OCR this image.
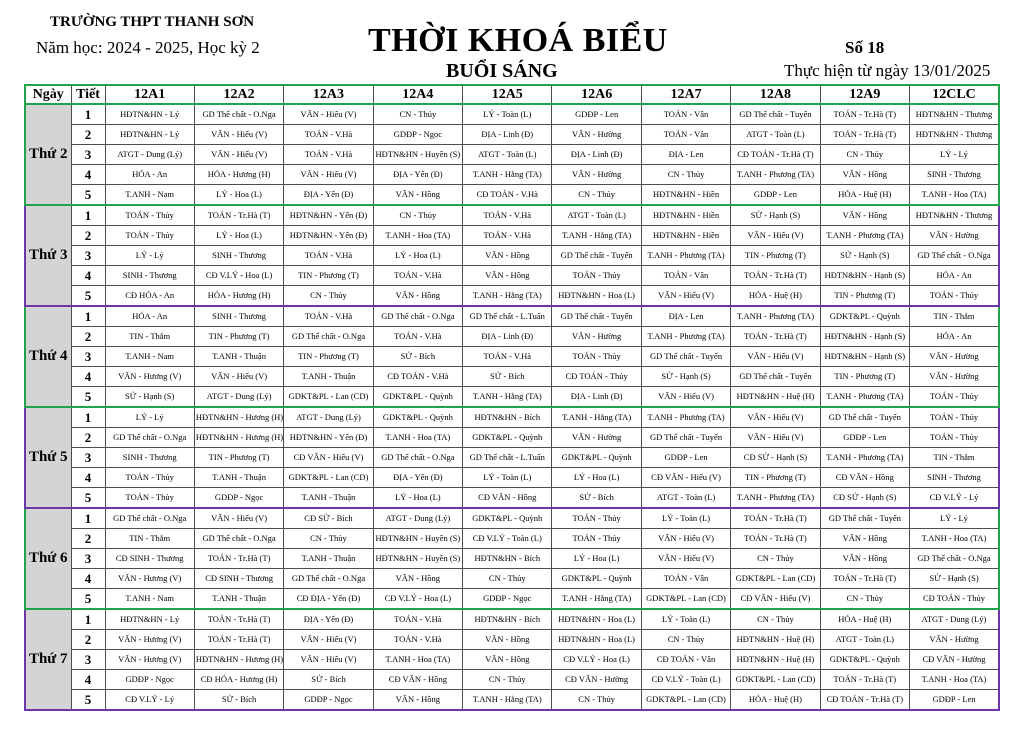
TRƯỜNG THPT THANH SƠN
Năm học: 2024 - 2025, Học kỳ 2	THỜI KHOÁ BIỂU
BUỔI SÁNG
Số 18
Thực hiện từ ngày 13/01/2025
Ngày	Tiết	12A1	12A2	12A3	12A4	12A5	12A6	12A7	12A8	12A9	12CLC
Thứ 2	1	HĐTN&HN - Lý	GD Thể chất - O.Nga	VĂN - Hiếu (V)	CN - Thủy	LÝ - Toàn (L)	GDĐP - Len	TOÁN - Vân	GD Thể chất - Tuyến	TOÁN - Tr.Hà (T)	HĐTN&HN - Thương
	2	HĐTN&HN - Lý	VĂN - Hiếu (V)	TOÁN - V.Hà	GDĐP - Ngọc	ĐỊA - Linh (Đ)	VĂN - Hường	TOÁN - Vân	ATGT - Toàn (L)	TOÁN - Tr.Hà (T)	HĐTN&HN - Thương
	3	ATGT - Dung (Lý)	VĂN - Hiếu (V)	TOÁN - V.Hà	HĐTN&HN - Huyền (S)	ATGT - Toàn (L)	ĐỊA - Linh (Đ)	ĐỊA - Len	CĐ TOÁN - Tr.Hà (T)	CN - Thủy	LÝ - Lý
	4	HÓA - An	HÓA - Hương (H)	VĂN - Hiếu (V)	ĐỊA - Yến (Đ)	T.ANH - Hằng (TA)	VĂN - Hường	CN - Thủy	T.ANH - Phương (TA)	VĂN - Hồng	SINH - Thương
	5	T.ANH - Nam	LÝ - Hoa (L)	ĐỊA - Yến (Đ)	VĂN - Hồng	CĐ TOÁN - V.Hà	CN - Thủy	HĐTN&HN - Hiền	GDĐP - Len	HÓA - Huệ (H)	T.ANH - Hoa (TA)
Thứ 3	1	TOÁN - Thủy	TOÁN - Tr.Hà (T)	HĐTN&HN - Yến (Đ)	CN - Thủy	TOÁN - V.Hà	ATGT - Toàn (L)	HĐTN&HN - Hiền	SỬ - Hạnh (S)	VĂN - Hồng	HĐTN&HN - Thương
	2	TOÁN - Thủy	LÝ - Hoa (L)	HĐTN&HN - Yến (Đ)	T.ANH - Hoa (TA)	TOÁN - V.Hà	T.ANH - Hằng (TA)	HĐTN&HN - Hiền	VĂN - Hiếu (V)	T.ANH - Phương (TA)	VĂN - Hường
	3	LÝ - Lý	SINH - Thương	TOÁN - V.Hà	LÝ - Hoa (L)	VĂN - Hồng	GD Thể chất - Tuyến	T.ANH - Phương (TA)	TIN - Phương (T)	SỬ - Hạnh (S)	GD Thể chất - O.Nga
	4	SINH - Thương	CĐ V.LÝ - Hoa (L)	TIN - Phương (T)	TOÁN - V.Hà	VĂN - Hồng	TOÁN - Thủy	TOÁN - Vân	TOÁN - Tr.Hà (T)	HĐTN&HN - Hạnh (S)	HÓA - An
	5	CĐ HÓA - An	HÓA - Hương (H)	CN - Thủy	VĂN - Hồng	T.ANH - Hằng (TA)	HĐTN&HN - Hoa (L)	VĂN - Hiếu (V)	HÓA - Huệ (H)	TIN - Phương (T)	TOÁN - Thủy
Thứ 4	1	HÓA - An	SINH - Thương	TOÁN - V.Hà	GD Thể chất - O.Nga	GD Thể chất - L.Tuấn	GD Thể chất - Tuyến	ĐỊA - Len	T.ANH - Phương (TA)	GDKT&PL - Quỳnh	TIN - Thắm
	2	TIN - Thắm	TIN - Phương (T)	GD Thể chất - O.Nga	TOÁN - V.Hà	ĐỊA - Linh (Đ)	VĂN - Hường	T.ANH - Phương (TA)	TOÁN - Tr.Hà (T)	HĐTN&HN - Hạnh (S)	HÓA - An
	3	T.ANH - Nam	T.ANH - Thuận	TIN - Phương (T)	SỬ - Bích	TOÁN - V.Hà	TOÁN - Thủy	GD Thể chất - Tuyến	VĂN - Hiếu (V)	HĐTN&HN - Hạnh (S)	VĂN - Hường
	4	VĂN - Hương (V)	VĂN - Hiếu (V)	T.ANH - Thuận	CĐ TOÁN - V.Hà	SỬ - Bích	CĐ TOÁN - Thủy	SỬ - Hạnh (S)	GD Thể chất - Tuyến	TIN - Phương (T)	VĂN - Hường
	5	SỬ - Hạnh (S)	ATGT - Dung (Lý)	GDKT&PL - Lan (CD)	GDKT&PL - Quỳnh	T.ANH - Hằng (TA)	ĐỊA - Linh (Đ)	VĂN - Hiếu (V)	HĐTN&HN - Huệ (H)	T.ANH - Phương (TA)	TOÁN - Thủy
Thứ 5	1	LÝ - Lý	HĐTN&HN - Hương (H)	ATGT - Dung (Lý)	GDKT&PL - Quỳnh	HĐTN&HN - Bích	T.ANH - Hằng (TA)	T.ANH - Phương (TA)	VĂN - Hiếu (V)	GD Thể chất - Tuyến	TOÁN - Thủy
	2	GD Thể chất - O.Nga	HĐTN&HN - Hương (H)	HĐTN&HN - Yến (Đ)	T.ANH - Hoa (TA)	GDKT&PL - Quỳnh	VĂN - Hường	GD Thể chất - Tuyến	VĂN - Hiếu (V)	GDĐP - Len	TOÁN - Thủy
	3	SINH - Thương	TIN - Phương (T)	CĐ VĂN - Hiếu (V)	GD Thể chất - O.Nga	GD Thể chất - L.Tuấn	GDKT&PL - Quỳnh	GDĐP - Len	CĐ SỬ - Hạnh (S)	T.ANH - Phương (TA)	TIN - Thắm
	4	TOÁN - Thủy	T.ANH - Thuận	GDKT&PL - Lan (CD)	ĐỊA - Yến (Đ)	LÝ - Toàn (L)	LÝ - Hoa (L)	CĐ VĂN - Hiếu (V)	TIN - Phương (T)	CĐ VĂN - Hồng	SINH - Thương
	5	TOÁN - Thủy	GDĐP - Ngọc	T.ANH - Thuận	LÝ - Hoa (L)	CĐ VĂN - Hồng	SỬ - Bích	ATGT - Toàn (L)	T.ANH - Phương (TA)	CĐ SỬ - Hạnh (S)	CĐ V.LÝ - Lý
Thứ 6	1	GD Thể chất - O.Nga	VĂN - Hiếu (V)	CĐ SỬ - Bích	ATGT - Dung (Lý)	GDKT&PL - Quỳnh	TOÁN - Thủy	LÝ - Toàn (L)	TOÁN - Tr.Hà (T)	GD Thể chất - Tuyến	LÝ - Lý
	2	TIN - Thắm	GD Thể chất - O.Nga	CN - Thủy	HĐTN&HN - Huyền (S)	CĐ V.LÝ - Toàn (L)	TOÁN - Thủy	VĂN - Hiếu (V)	TOÁN - Tr.Hà (T)	VĂN - Hồng	T.ANH - Hoa (TA)
	3	CĐ SINH - Thương	TOÁN - Tr.Hà (T)	T.ANH - Thuận	HĐTN&HN - Huyền (S)	HĐTN&HN - Bích	LÝ - Hoa (L)	VĂN - Hiếu (V)	CN - Thủy	VĂN - Hồng	GD Thể chất - O.Nga
	4	VĂN - Hương (V)	CĐ SINH - Thương	GD Thể chất - O.Nga	VĂN - Hồng	CN - Thủy	GDKT&PL - Quỳnh	TOÁN - Vân	GDKT&PL - Lan (CD)	TOÁN - Tr.Hà (T)	SỬ - Hạnh (S)
	5	T.ANH - Nam	T.ANH - Thuận	CĐ ĐỊA - Yến (Đ)	CĐ V.LÝ - Hoa (L)	GDĐP - Ngọc	T.ANH - Hằng (TA)	GDKT&PL - Lan (CD)	CĐ VĂN - Hiếu (V)	CN - Thủy	CĐ TOÁN - Thủy
Thứ 7	1	HĐTN&HN - Lý	TOÁN - Tr.Hà (T)	ĐỊA - Yến (Đ)	TOÁN - V.Hà	HĐTN&HN - Bích	HĐTN&HN - Hoa (L)	LÝ - Toàn (L)	CN - Thủy	HÓA - Huệ (H)	ATGT - Dung (Lý)
	2	VĂN - Hương (V)	TOÁN - Tr.Hà (T)	VĂN - Hiếu (V)	TOÁN - V.Hà	VĂN - Hồng	HĐTN&HN - Hoa (L)	CN - Thủy	HĐTN&HN - Huệ (H)	ATGT - Toàn (L)	VĂN - Hường
	3	VĂN - Hương (V)	HĐTN&HN - Hương (H)	VĂN - Hiếu (V)	T.ANH - Hoa (TA)	VĂN - Hồng	CĐ V.LÝ - Hoa (L)	CĐ TOÁN - Vân	HĐTN&HN - Huệ (H)	GDKT&PL - Quỳnh	CĐ VĂN - Hường
	4	GDĐP - Ngọc	CĐ HÓA - Hương (H)	SỬ - Bích	CĐ VĂN - Hồng	CN - Thủy	CĐ VĂN - Hường	CĐ V.LÝ - Toàn (L)	GDKT&PL - Lan (CD)	TOÁN - Tr.Hà (T)	T.ANH - Hoa (TA)
	5	CĐ V.LÝ - Lý	SỬ - Bích	GDĐP - Ngọc	VĂN - Hồng	T.ANH - Hằng (TA)	CN - Thủy	GDKT&PL - Lan (CD)	HÓA - Huệ (H)	CĐ TOÁN - Tr.Hà (T)	GDĐP - Len
